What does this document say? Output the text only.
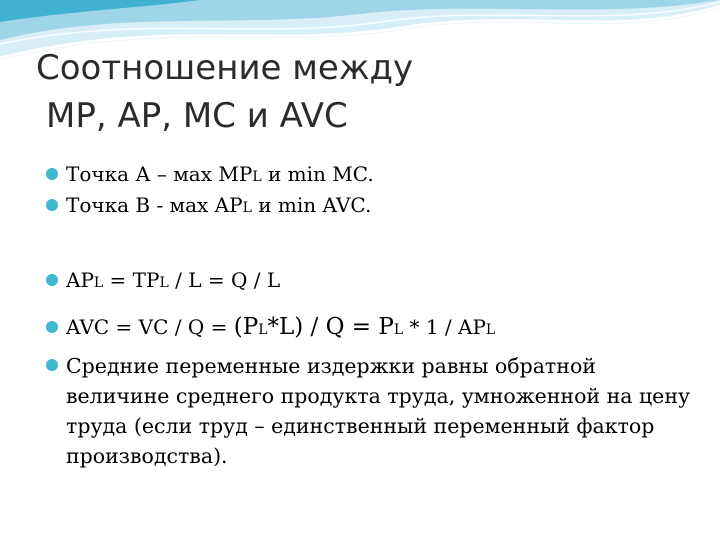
Соотношение между
MP, AP, MC и AVC
Точка А – мах MPL и min MC.
Точка В - мах APL и min AVC.
APL = TPL / L = Q / L
AVC = VC / Q = (PL*L) / Q = PL * 1 / APL
Средние переменные издержки равны обратной величине среднего продукта труда, умноженной на цену труда (если труд – единственный переменный фактор производства).
